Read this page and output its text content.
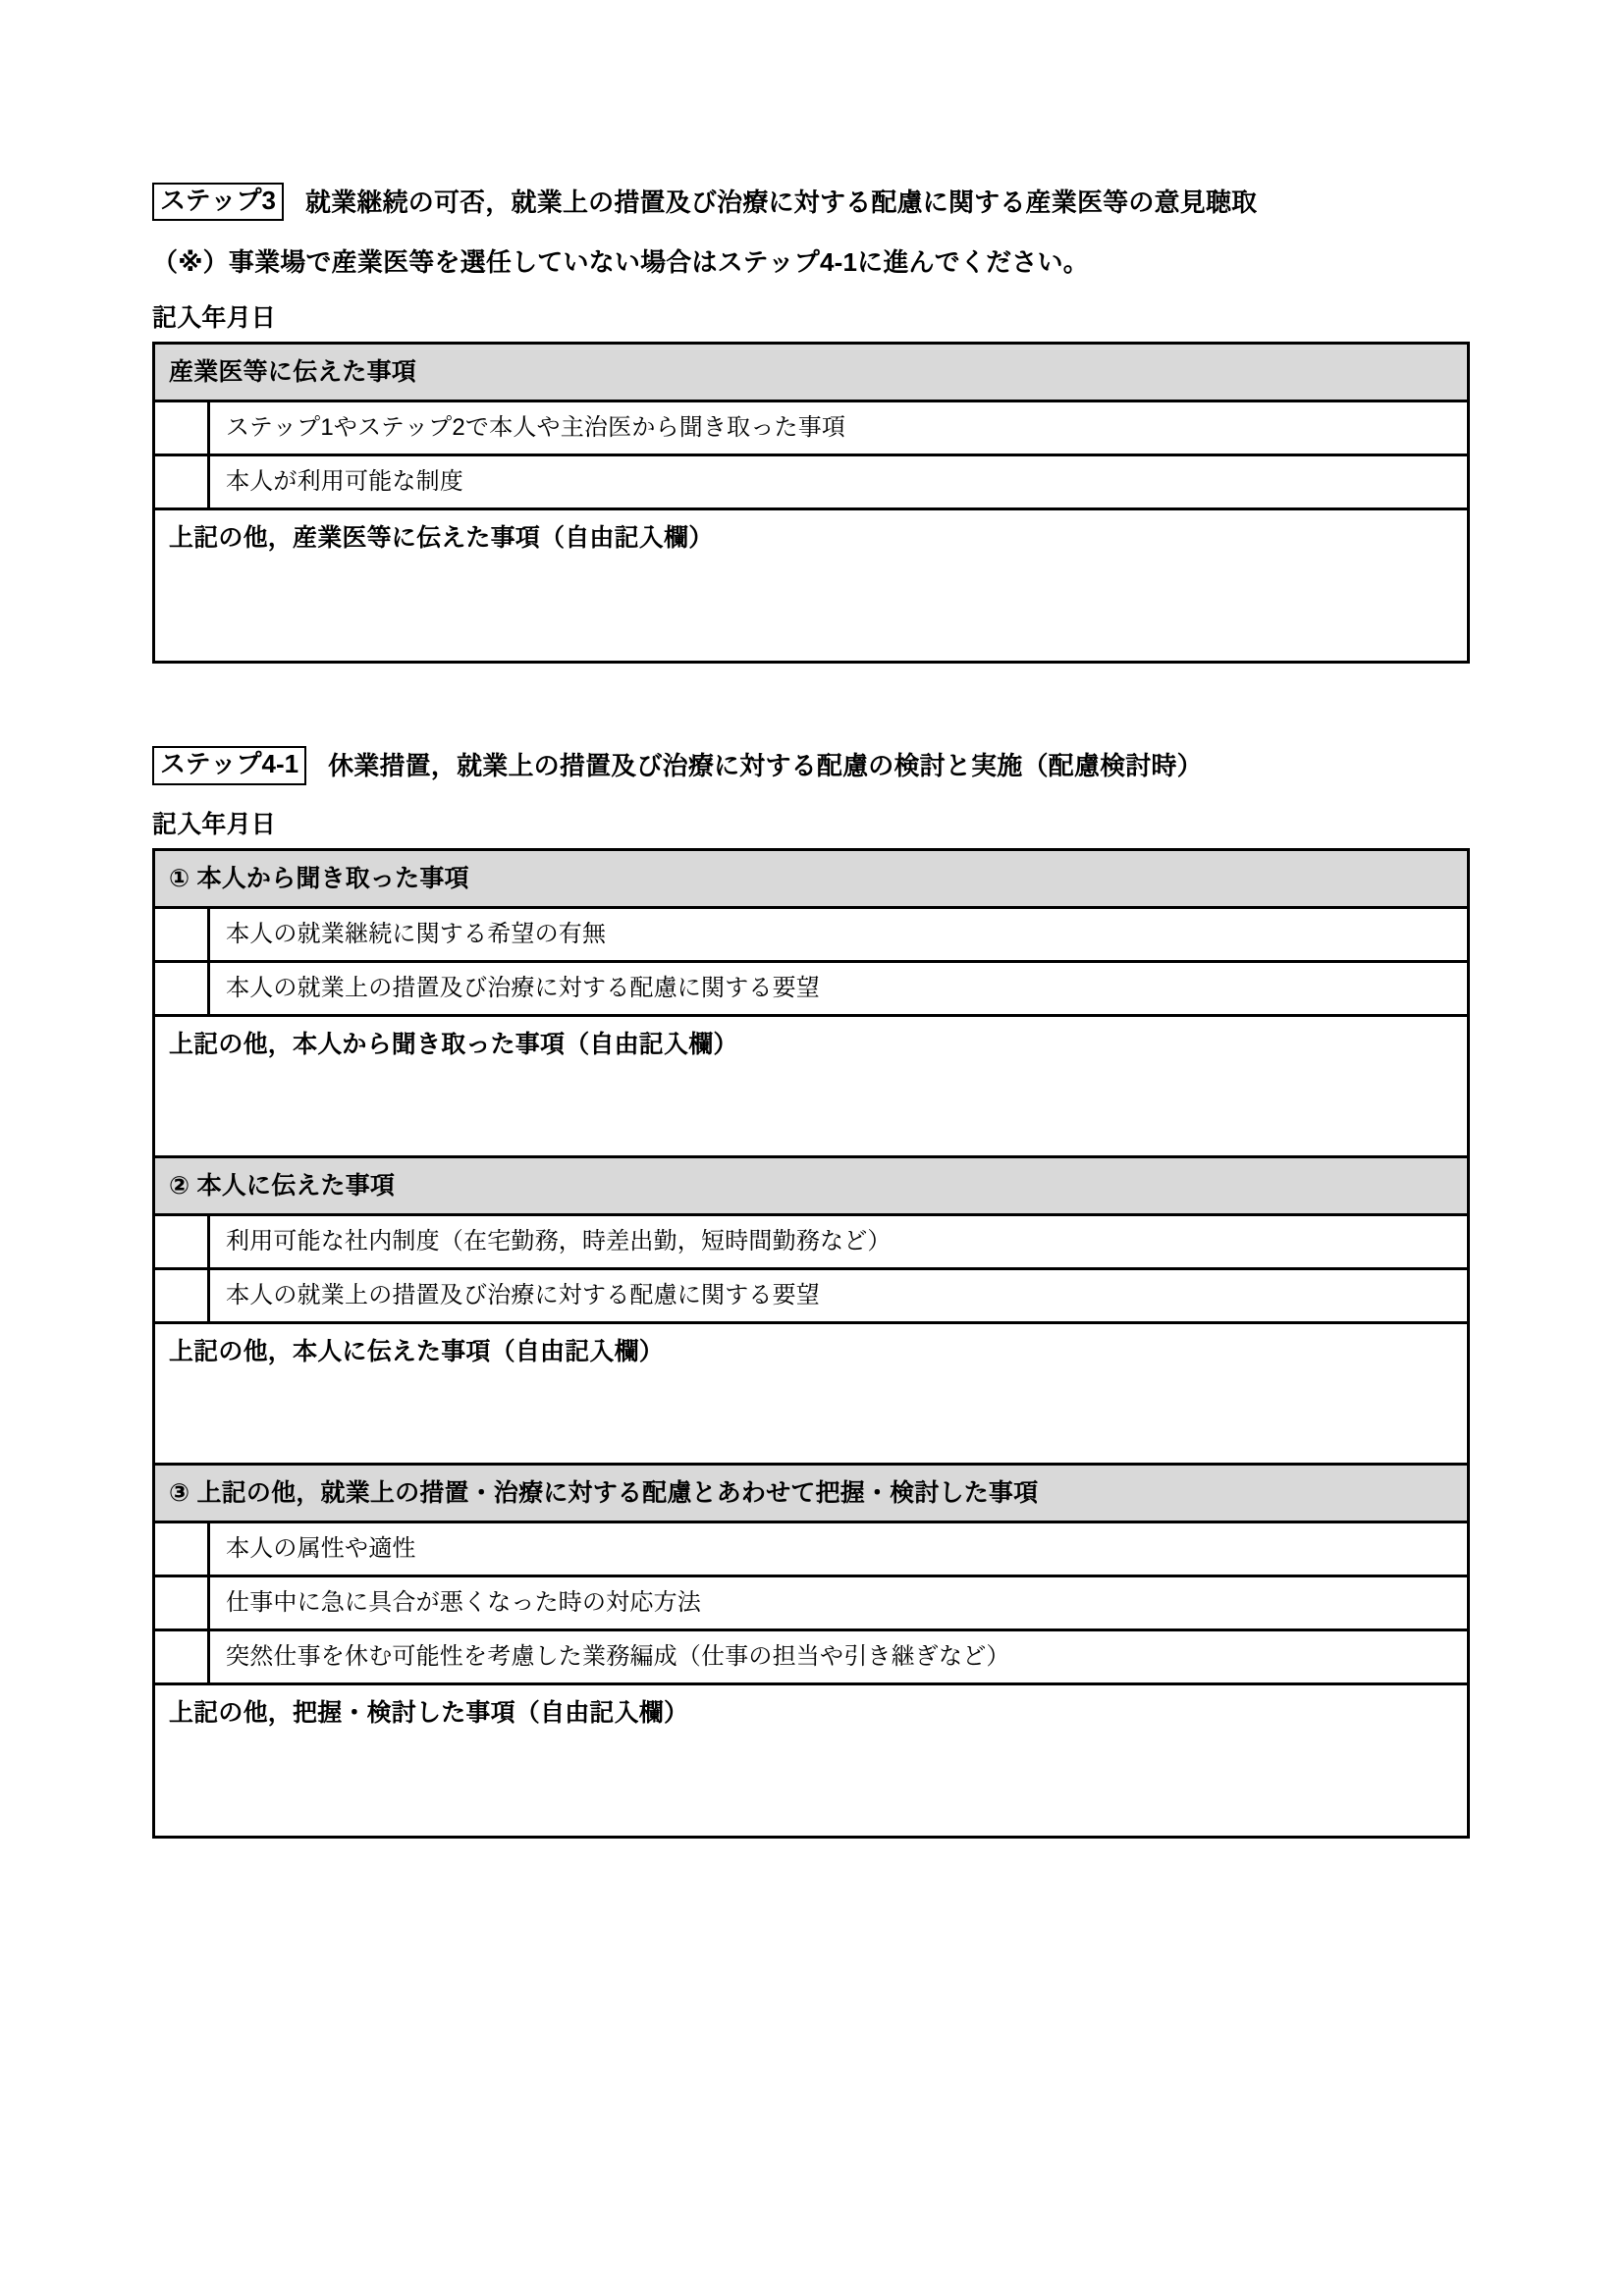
ステップ3	就業継続の可否，就業上の措置及び治療に対する配慮に関する産業医等の意見聴取
（※）事業場で産業医等を選任していない場合はステップ4-1に進んでください。
記入年月日
産業医等に伝えた事項
ステップ1やステップ2で本人や主治医から聞き取った事項
本人が利用可能な制度
上記の他，産業医等に伝えた事項（自由記入欄）
ステップ4-1	休業措置，就業上の措置及び治療に対する配慮の検討と実施（配慮検討時）
記入年月日
① 本人から聞き取った事項
本人の就業継続に関する希望の有無
本人の就業上の措置及び治療に対する配慮に関する要望
上記の他，本人から聞き取った事項（自由記入欄）
② 本人に伝えた事項
利用可能な社内制度（在宅勤務，時差出勤，短時間勤務など）
本人の就業上の措置及び治療に対する配慮に関する要望
上記の他，本人に伝えた事項（自由記入欄）
③ 上記の他，就業上の措置・治療に対する配慮とあわせて把握・検討した事項
本人の属性や適性
仕事中に急に具合が悪くなった時の対応方法
突然仕事を休む可能性を考慮した業務編成（仕事の担当や引き継ぎなど）
上記の他，把握・検討した事項（自由記入欄）
